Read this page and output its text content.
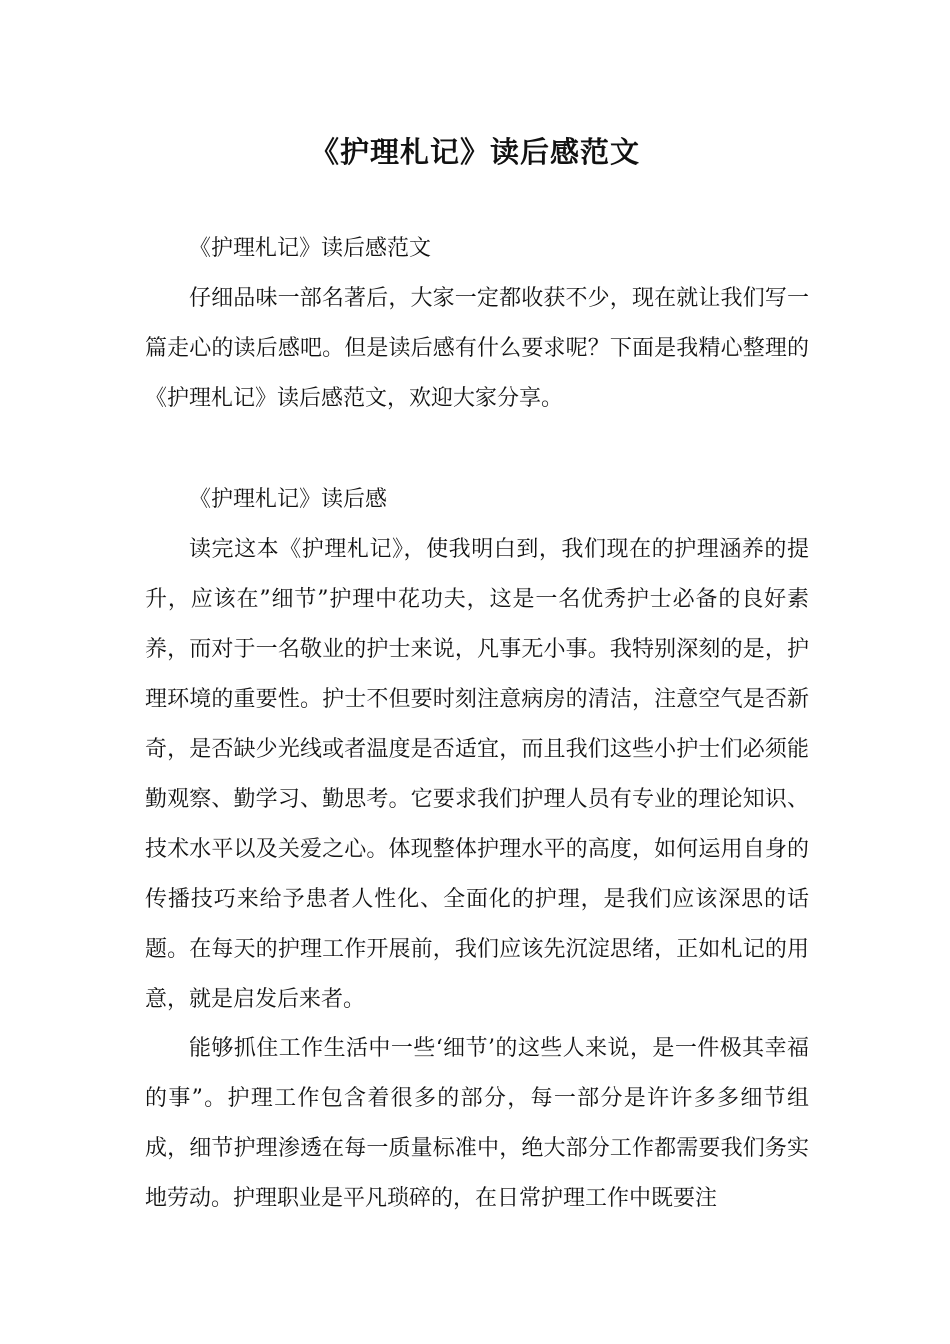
《护理札记》读后感范文

《护理札记》读后感范文

仔细品味一部名著后，大家一定都收获不少，现在就让我们写一篇走心的读后感吧。但是读后感有什么要求呢？下面是我精心整理的《护理札记》读后感范文，欢迎大家分享。

《护理札记》读后感

读完这本《护理札记》，使我明白到，我们现在的护理涵养的提升，应该在”细节”护理中花功夫，这是一名优秀护士必备的良好素养，而对于一名敬业的护士来说，凡事无小事。我特别深刻的是，护理环境的重要性。护士不但要时刻注意病房的清洁，注意空气是否新奇，是否缺少光线或者温度是否适宜，而且我们这些小护士们必须能勤观察、勤学习、勤思考。它要求我们护理人员有专业的理论知识、技术水平以及关爱之心。体现整体护理水平的高度，如何运用自身的传播技巧来给予患者人性化、全面化的护理，是我们应该深思的话题。在每天的护理工作开展前，我们应该先沉淀思绪，正如札记的用意，就是启发后来者。

能够抓住工作生活中一些‘细节’的这些人来说，是一件极其幸福的事”。护理工作包含着很多的部分，每一部分是许许多多细节组成，细节护理渗透在每一质量标准中，绝大部分工作都需要我们务实地劳动。护理职业是平凡琐碎的，在日常护理工作中既要注
